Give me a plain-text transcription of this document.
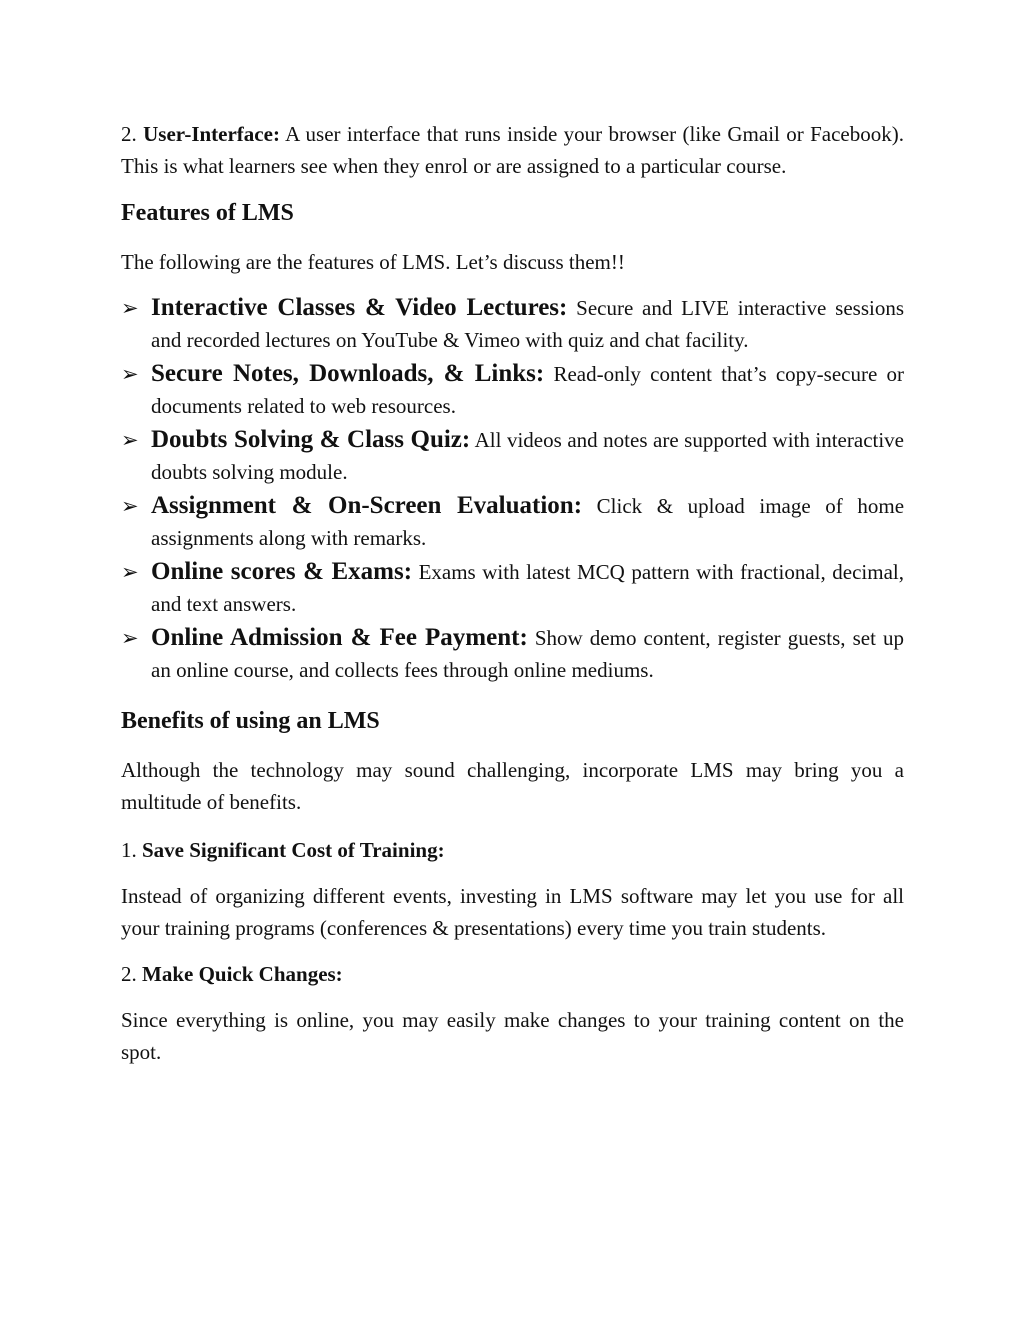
2. User-Interface: A user interface that runs inside your browser (like Gmail or Facebook). This is what learners see when they enrol or are assigned to a particular course.

Features of LMS

The following are the features of LMS. Let’s discuss them!!

➢ Interactive Classes & Video Lectures: Secure and LIVE interactive sessions and recorded lectures on YouTube & Vimeo with quiz and chat facility.

➢ Secure Notes, Downloads, & Links: Read-only content that’s copy-secure or documents related to web resources.

➢ Doubts Solving & Class Quiz: All videos and notes are supported with interactive doubts solving module.

➢ Assignment & On-Screen Evaluation: Click & upload image of home assignments along with remarks.

➢ Online scores & Exams: Exams with latest MCQ pattern with fractional, decimal, and text answers.

➢ Online Admission & Fee Payment: Show demo content, register guests, set up an online course, and collects fees through online mediums.

Benefits of using an LMS

Although the technology may sound challenging, incorporate LMS may bring you a multitude of benefits.

1. Save Significant Cost of Training:

Instead of organizing different events, investing in LMS software may let you use for all your training programs (conferences & presentations) every time you train students.

2. Make Quick Changes:

Since everything is online, you may easily make changes to your training content on the spot.
